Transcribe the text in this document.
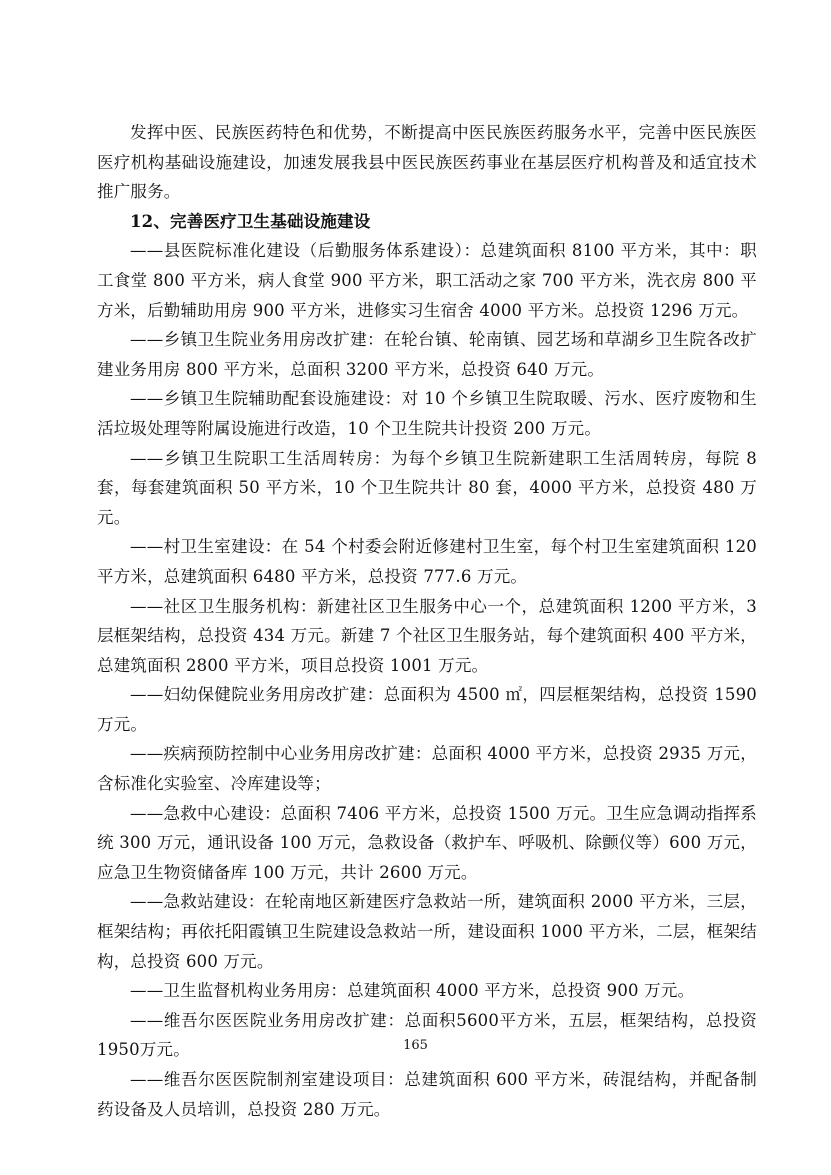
发挥中医、民族医药特色和优势，不断提高中医民族医药服务水平，完善中医民族医医疗机构基础设施建设，加速发展我县中医民族医药事业在基层医疗机构普及和适宜技术推广服务。

12、完善医疗卫生基础设施建设

——县医院标准化建设（后勤服务体系建设）：总建筑面积 8100 平方米，其中：职工食堂 800 平方米，病人食堂 900 平方米，职工活动之家 700 平方米，洗衣房 800 平方米，后勤辅助用房 900 平方米，进修实习生宿舍 4000 平方米。总投资 1296 万元。

——乡镇卫生院业务用房改扩建：在轮台镇、轮南镇、园艺场和草湖乡卫生院各改扩建业务用房 800 平方米，总面积 3200 平方米，总投资 640 万元。

——乡镇卫生院辅助配套设施建设：对 10 个乡镇卫生院取暖、污水、医疗废物和生活垃圾处理等附属设施进行改造，10 个卫生院共计投资 200 万元。

——乡镇卫生院职工生活周转房：为每个乡镇卫生院新建职工生活周转房，每院 8 套，每套建筑面积 50 平方米，10 个卫生院共计 80 套，4000 平方米，总投资 480 万元。

——村卫生室建设：在 54 个村委会附近修建村卫生室，每个村卫生室建筑面积 120 平方米，总建筑面积 6480 平方米，总投资 777.6 万元。

——社区卫生服务机构：新建社区卫生服务中心一个，总建筑面积 1200 平方米，3 层框架结构，总投资 434 万元。新建 7 个社区卫生服务站，每个建筑面积 400 平方米，总建筑面积 2800 平方米，项目总投资 1001 万元。

——妇幼保健院业务用房改扩建：总面积为 4500 ㎡，四层框架结构，总投资 1590 万元。

——疾病预防控制中心业务用房改扩建：总面积 4000 平方米，总投资 2935 万元，含标准化实验室、冷库建设等；

——急救中心建设：总面积 7406 平方米，总投资 1500 万元。卫生应急调动指挥系统 300 万元，通讯设备 100 万元，急救设备（救护车、呼吸机、除颤仪等）600 万元，应急卫生物资储备库 100 万元，共计 2600 万元。

——急救站建设：在轮南地区新建医疗急救站一所，建筑面积 2000 平方米，三层，框架结构；再依托阳霞镇卫生院建设急救站一所，建设面积 1000 平方米，二层，框架结构，总投资 600 万元。

——卫生监督机构业务用房：总建筑面积 4000 平方米，总投资 900 万元。

——维吾尔医医院业务用房改扩建：总面积5600平方米，五层，框架结构，总投资1950万元。

——维吾尔医医院制剂室建设项目：总建筑面积 600 平方米，砖混结构，并配备制药设备及人员培训，总投资 280 万元。

165
